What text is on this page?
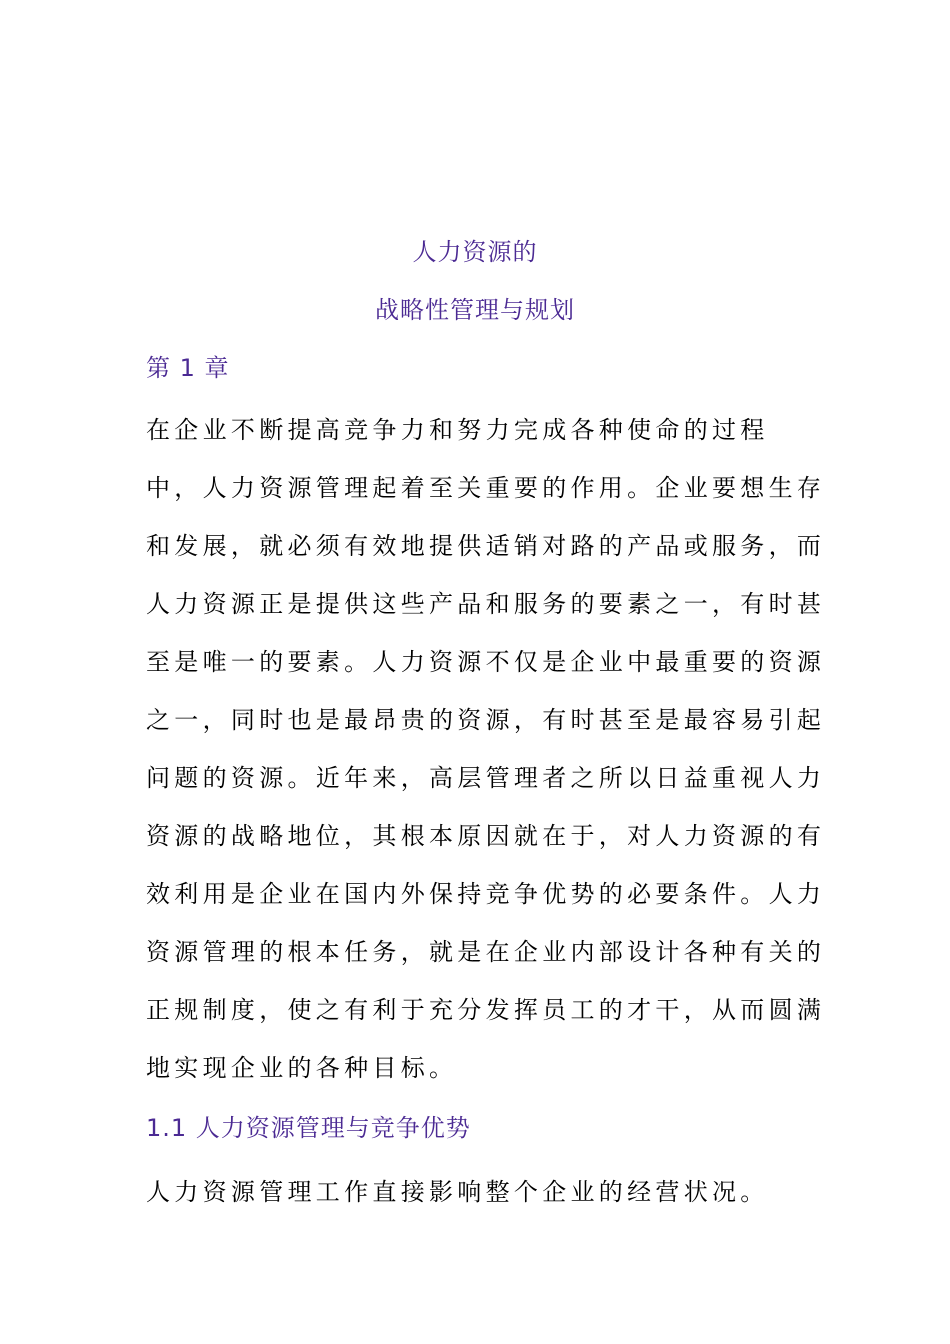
人力资源的
战略性管理与规划
第 1 章
在企业不断提高竞争力和努力完成各种使命的过程
中，人力资源管理起着至关重要的作用。企业要想生存
和发展，就必须有效地提供适销对路的产品或服务，而
人力资源正是提供这些产品和服务的要素之一，有时甚
至是唯一的要素。人力资源不仅是企业中最重要的资源
之一，同时也是最昂贵的资源，有时甚至是最容易引起
问题的资源。近年来，高层管理者之所以日益重视人力
资源的战略地位，其根本原因就在于，对人力资源的有
效利用是企业在国内外保持竞争优势的必要条件。人力
资源管理的根本任务，就是在企业内部设计各种有关的
正规制度，使之有利于充分发挥员工的才干，从而圆满
地实现企业的各种目标。
1.1 人力资源管理与竞争优势
人力资源管理工作直接影响整个企业的经营状况。
